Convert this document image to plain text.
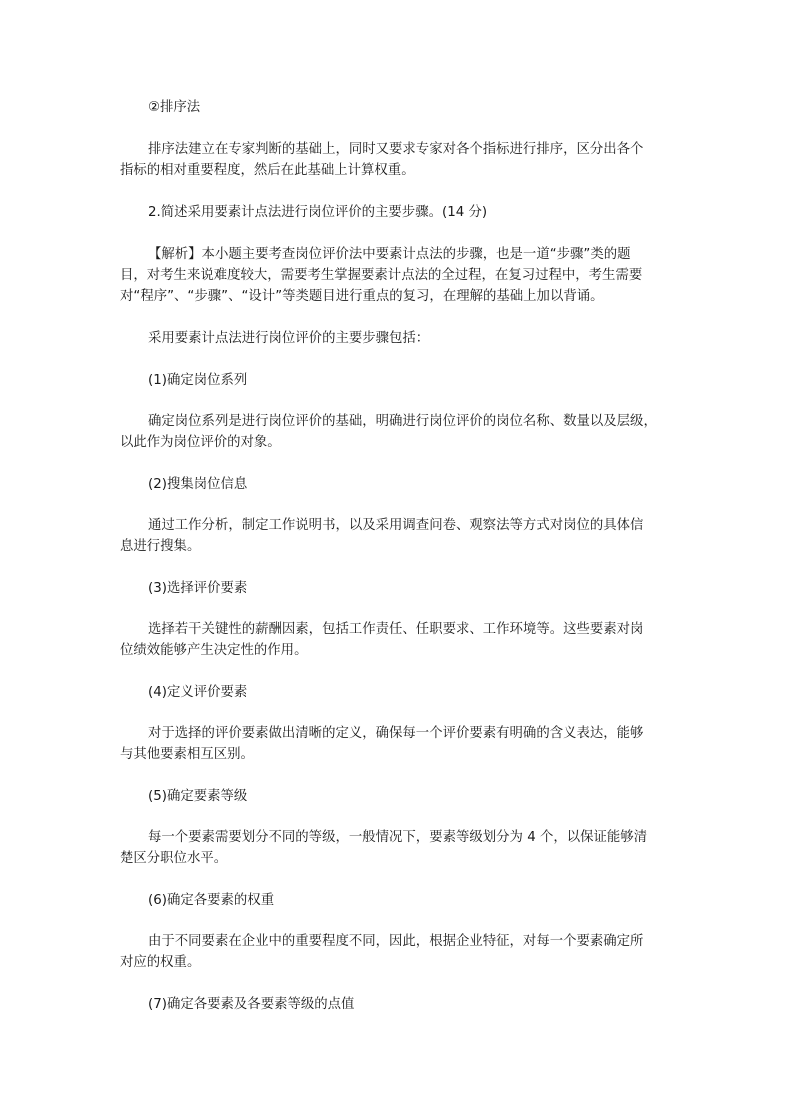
②排序法

排序法建立在专家判断的基础上，同时又要求专家对各个指标进行排序，区分出各个
指标的相对重要程度，然后在此基础上计算权重。

2.简述采用要素计点法进行岗位评价的主要步骤。(14 分)

【解析】本小题主要考查岗位评价法中要素计点法的步骤，也是一道“步骤”类的题
目，对考生来说难度较大，需要考生掌握要素计点法的全过程，在复习过程中，考生需要
对“程序”、“步骤”、“设计”等类题目进行重点的复习，在理解的基础上加以背诵。

采用要素计点法进行岗位评价的主要步骤包括：

(1)确定岗位系列

确定岗位系列是进行岗位评价的基础，明确进行岗位评价的岗位名称、数量以及层级，
以此作为岗位评价的对象。

(2)搜集岗位信息

通过工作分析，制定工作说明书，以及采用调查问卷、观察法等方式对岗位的具体信
息进行搜集。

(3)选择评价要素

选择若干关键性的薪酬因素，包括工作责任、任职要求、工作环境等。这些要素对岗
位绩效能够产生决定性的作用。

(4)定义评价要素

对于选择的评价要素做出清晰的定义，确保每一个评价要素有明确的含义表达，能够
与其他要素相互区别。

(5)确定要素等级

每一个要素需要划分不同的等级，一般情况下，要素等级划分为 4 个，以保证能够清
楚区分职位水平。

(6)确定各要素的权重

由于不同要素在企业中的重要程度不同，因此，根据企业特征，对每一个要素确定所
对应的权重。

(7)确定各要素及各要素等级的点值
